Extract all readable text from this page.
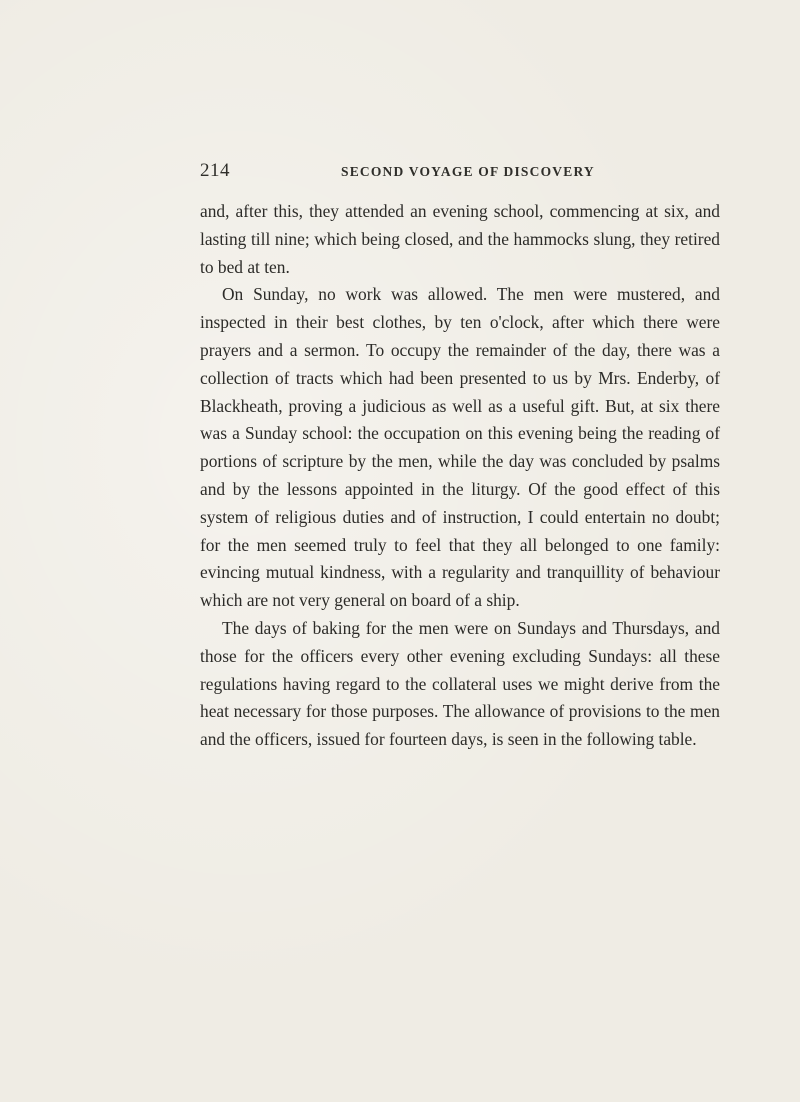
214	SECOND VOYAGE OF DISCOVERY

and, after this, they attended an evening school, commencing at six, and lasting till nine; which being closed, and the hammocks slung, they retired to bed at ten.

On Sunday, no work was allowed. The men were mustered, and inspected in their best clothes, by ten o'clock, after which there were prayers and a sermon. To occupy the remainder of the day, there was a collection of tracts which had been presented to us by Mrs. Enderby, of Blackheath, proving a judicious as well as a useful gift. But, at six there was a Sunday school: the occupation on this evening being the reading of portions of scripture by the men, while the day was concluded by psalms and by the lessons appointed in the liturgy. Of the good effect of this system of religious duties and of instruction, I could entertain no doubt; for the men seemed truly to feel that they all belonged to one family: evincing mutual kindness, with a regularity and tranquillity of behaviour which are not very general on board of a ship.

The days of baking for the men were on Sundays and Thursdays, and those for the officers every other evening excluding Sundays: all these regulations having regard to the collateral uses we might derive from the heat necessary for those purposes. The allowance of provisions to the men and the officers, issued for fourteen days, is seen in the following table.
